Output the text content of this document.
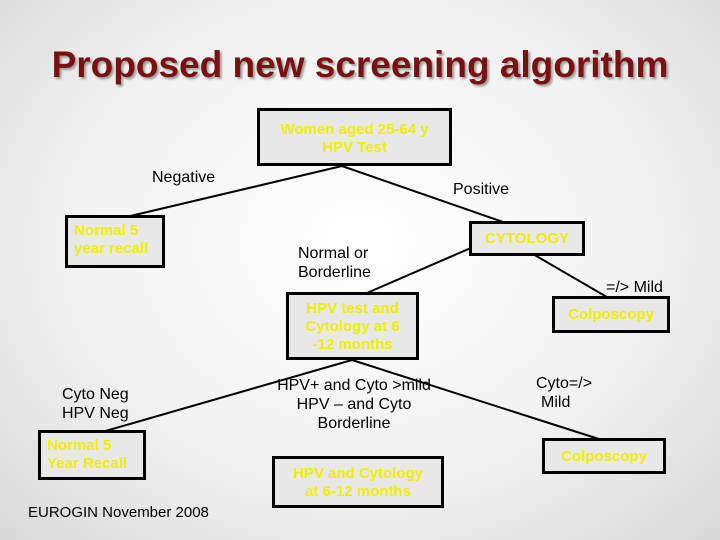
Proposed new screening algorithm
Women aged 25-64 y
HPV Test
Negative
Positive
Normal 5
year recall	Normal or
Borderline
CYTOLOGY
=/> Mild
HPV test and
Cytology at 6
-12 months
Colposcopy
Cyto Neg
HPV Neg
HPV+ and Cyto >mild
HPV – and Cyto
Borderline
Cyto=/>
Mild
Normal 5
Year Recall
HPV and Cytology
at 6-12 months
Colposcopy
EUROGIN November 2008
